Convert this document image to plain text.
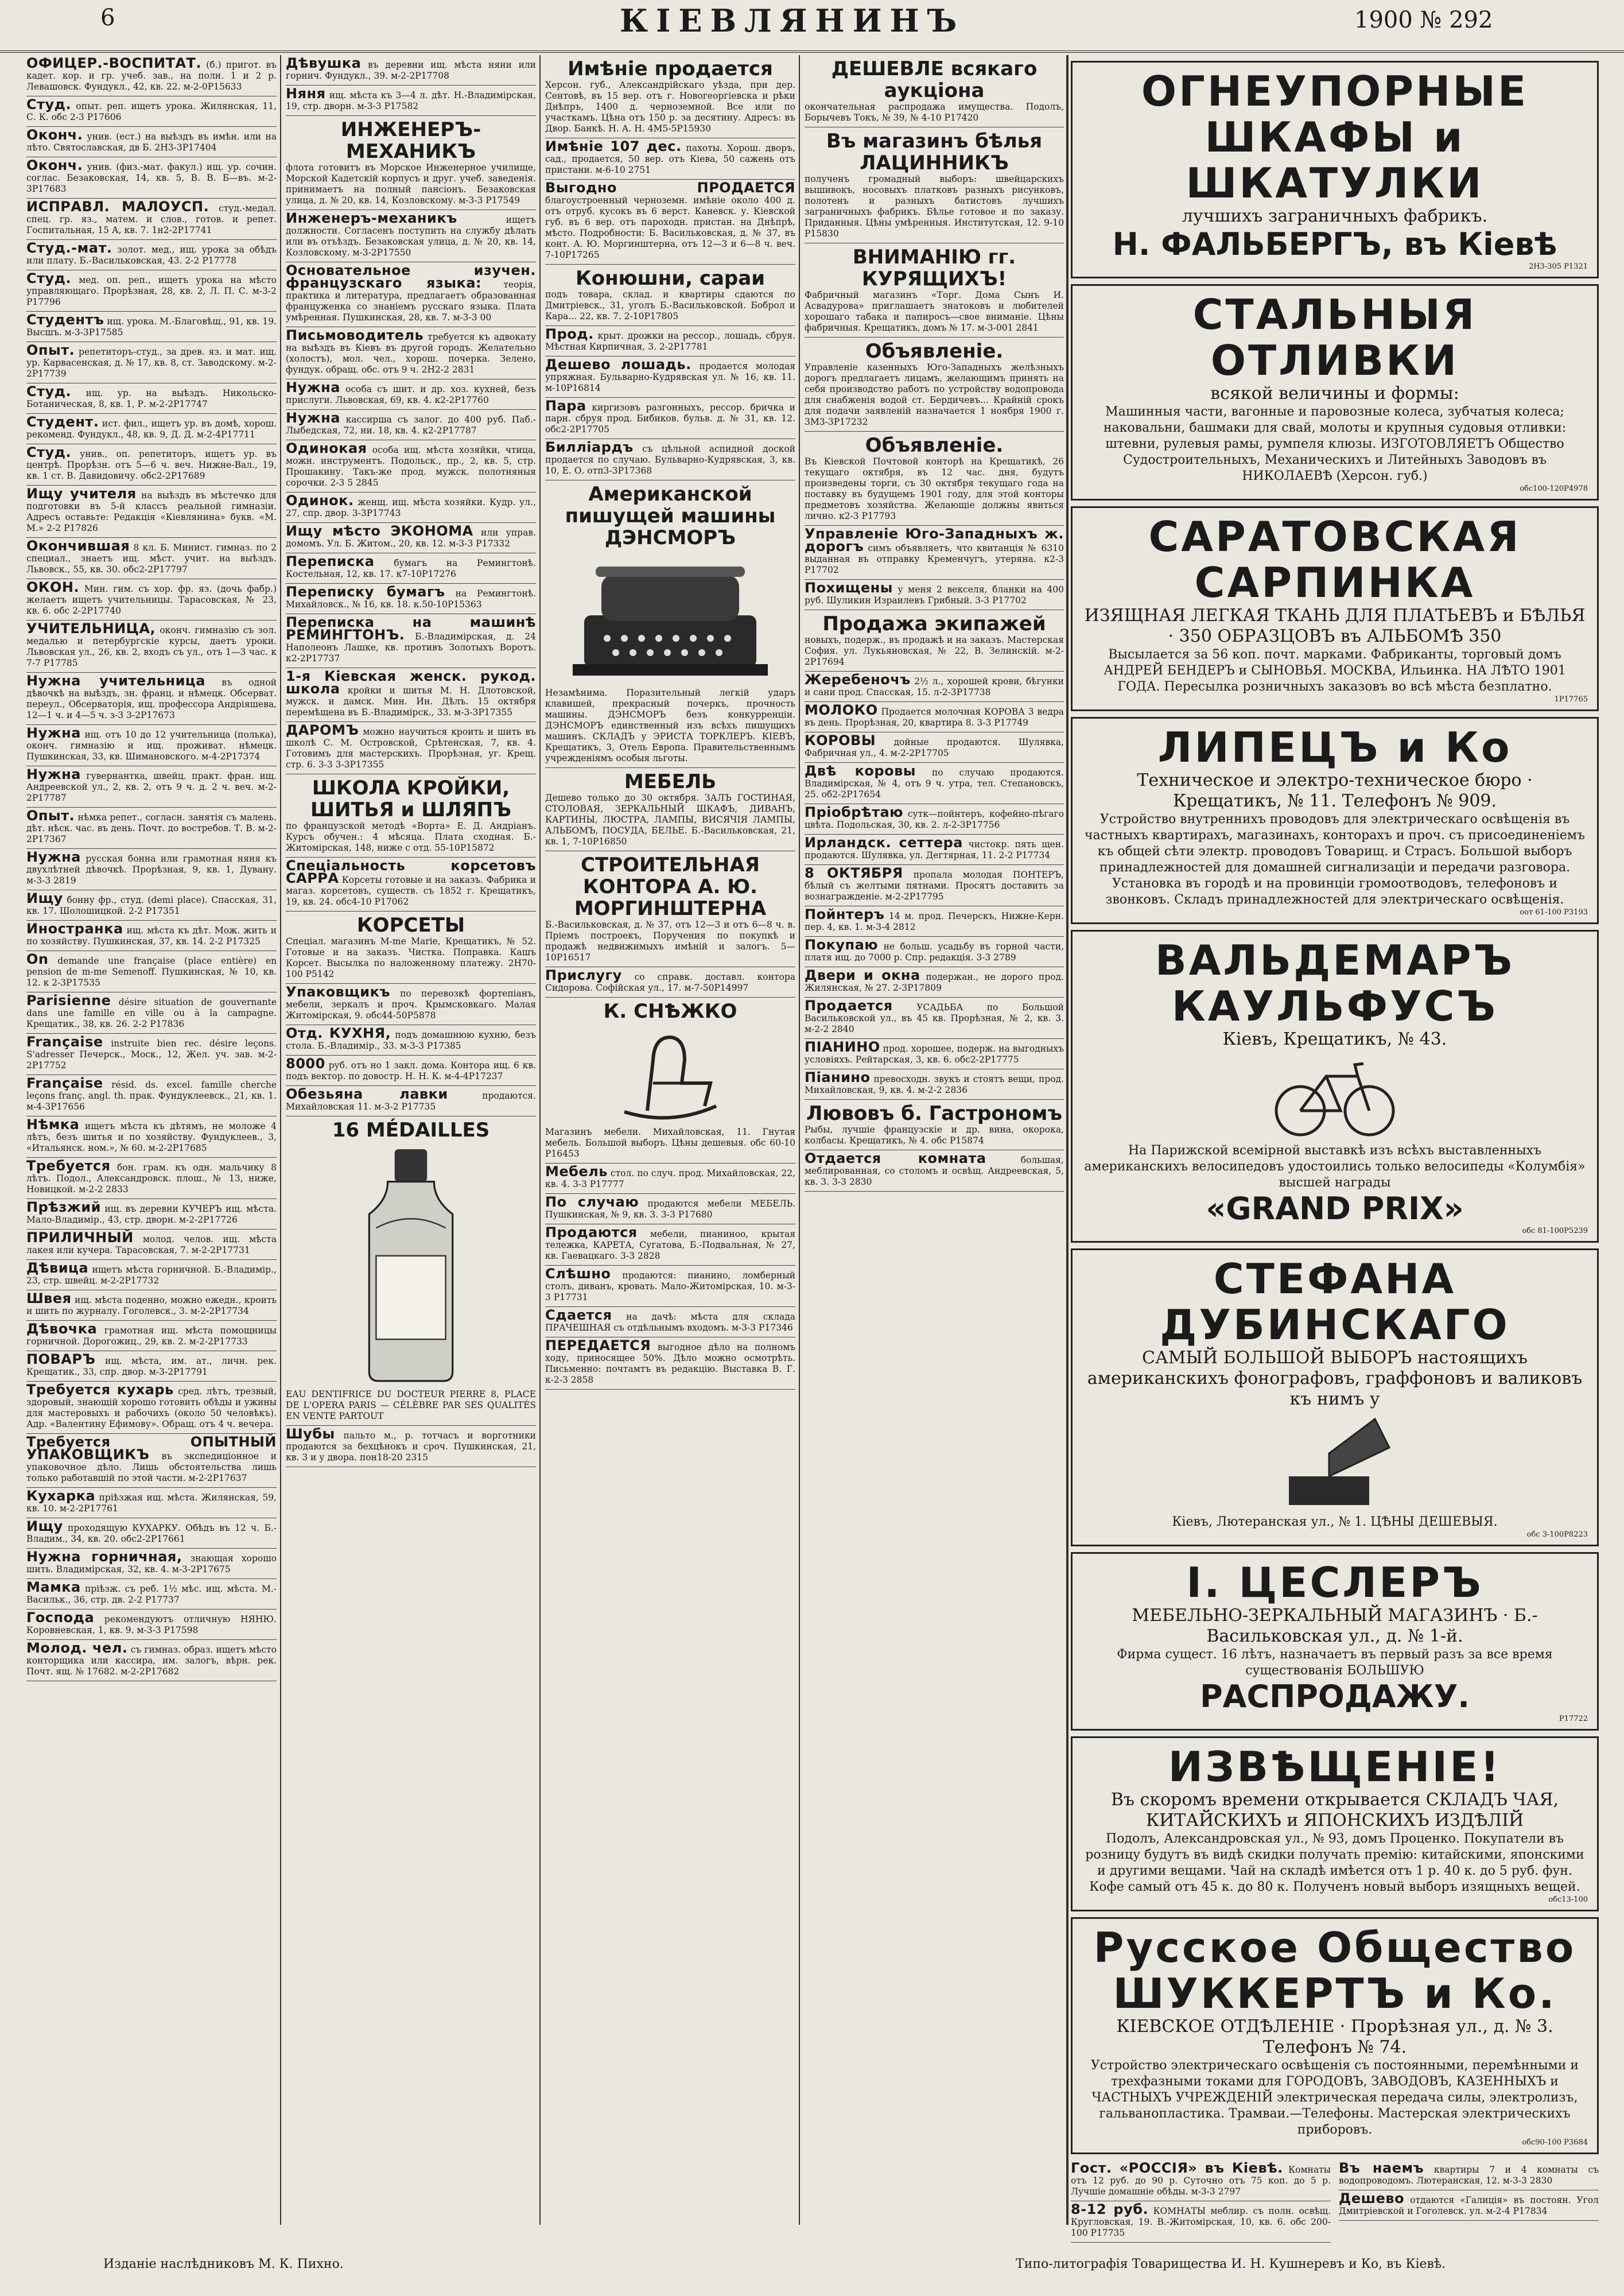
6	КІЕВЛЯНИНЪ	1900 № 292
ОФИЦЕР.-ВОСПИТАТ. (б.) пригот. въ кадет. кор. и гр. учеб. зав., на полн. 1 и 2 р. Левашовск. Фундукл., 42, кв. 22. м-2-0Р15633
Студ. опыт. реп. ищетъ урока. Жилянская, 11, С. К. обс 2-3 Р17606
Оконч. унив. (ест.) на выѣздъ въ имѣн. или на лѣто. Святославская, дв Б. 2Н3-3Р17404
Оконч. унив. (физ.-мат. факул.) ищ. ур. сочин. соглас. Безаковская, 14, кв. 5, В. В. Б—въ. м-2-3Р17683
ИСПРАВЛ. МАЛОУСП. студ.-медал. спец. гр. яз., матем. и слов., готов. и репет. Госпитальная, 15 А, кв. 7. 1н2-2Р17741
Студ.-мат. золот. мед., ищ. урока за обѣдъ или плату. Б.-Васильковская, 43. 2-2 Р17778
Студ. мед. оп. реп., ищетъ урока на мѣсто управляющаго. Прорѣзная, 28, кв. 2, Л. П. С. м-3-2 Р17796
Студентъ ищ. урока. М.-Благовѣщ., 91, кв. 19. Высшъ. м-3-3Р17585
Опыт. репетиторъ-студ., за древ. яз. и мат. ищ. ур. Карвасенская, д. № 17, кв. 8, ст. Заводскому. м-2-2Р17739
Студ. ищ. ур. на выѣздъ. Никольско-Ботаническая, 8, кв. 1, Р. м-2-2Р17747
Студент. ист. фил., ищетъ ур. въ домѣ, хорош. рекоменд. Фундукл., 48, кв. 9, Д. Д. м-2-4Р17711
Студ. унив., оп. репетиторъ, ищетъ ур. въ центрѣ. Прорѣзн. отъ 5—6 ч. веч. Нижне-Вал., 19, кв. 1 ст. В. Давидовичу. обс2-2Р17689
Ищу учителя на выѣздъ въ мѣстечко для подготовки въ 5-й классъ реальной гимназіи. Адресъ оставьте: Редакція «Кіевлянина» букв. «М. М.» 2-2 Р17826
Окончившая 8 кл. Б. Минист. гимназ. по 2 специал., знаетъ ищ. мѣст. учит. на выѣздъ. Львовск., 55, кв. 30. обс2-2Р17797
ОКОН. Мин. гим. съ хор. фр. яз. (дочь фабр.) желаетъ ищетъ учительницы. Тарасовская, № 23, кв. 6. обс 2-2Р17740
УЧИТЕЛЬНИЦА, оконч. гимназію съ зол. медалью и петербургскіе курсы, даетъ уроки. Львовская ул., 26, кв. 2, входъ съ ул., отъ 1—3 час. к 7-7 Р17785
Нужна учительница въ одной дѣвочкѣ на выѣздъ, зн. франц. и нѣмецк. Обсерват. переул., Обсерваторія, ищ. профессора Андріяшева, 12—1 ч. и 4—5 ч. з-3 3-2Р17673
Нужна ищ. отъ 10 до 12 учительница (полька), оконч. гимназію и ищ. проживат. нѣмецк. Пушкинская, 33, кв. Шимановского. м-4-2Р17374
Нужна гувернантка, швейц. практ. фран. ищ. Андреевской ул., 2, кв. 2, отъ 9 ч. д. 2 ч. веч. м-2-2Р17787
Опыт. нѣмка репет., согласн. занятія съ малень. дѣт. нѣск. час. въ день. Почт. до востребов. Т. В. м-2-2Р17367
Нужна русская бонна или грамотная няня къ двухлѣтней дѣвочкѣ. Прорѣзная, 9, кв. 1, Дувану. м-3-3 2819
Ищу бонну фр., студ. (demi place). Спасская, 31, кв. 17. Шолошицкой. 2-2 Р17351
Иностранка ищ. мѣста къ дѣт. Мож. жить и по хозяйству. Пушкинская, 37, кв. 14. 2-2 Р17325
On demande une française (place entière) en pension de m-me Semenoff. Пушкинская, № 10, кв. 12. к 2-3Р17535
Parisienne désire situation de gouvernante dans une famille en ville ou à la campagne. Крещатик., 38, кв. 26. 2-2 Р17836
Française instruite bien rec. désire leçons. S'adresser Печерск., Моск., 12, Жел. уч. зав. м-2-2Р17752
Française résid. ds. excel. famille cherche leçons franç. angl. th. прак. Фундуклеевск., 21, кв. 1. м-4-3Р17656
Нѣмка ищетъ мѣста къ дѣтямъ, не моложе 4 лѣтъ, безъ шитья и по хозяйству. Фундуклеев., 3, «Итальянск. ном.», № 60. м-2-2Р17685
Требуется бон. грам. къ одн. мальчику 8 лѣтъ. Подол., Александровск. плош., № 13, ниже, Новицкой. м-2-2 2833
Прѣзжий ищ. въ деревни КУЧЕРЪ ищ. мѣста. Мало-Владимір., 43, стр. дворн. м-2-2Р17726
ПРИЛИЧНЫЙ молод. челов. ищ. мѣста лакея или кучера. Тарасовская, 7. м-2-2Р17731
Дѣвица ищетъ мѣста горничной. Б.-Владимір., 23, стр. швейц. м-2-2Р17732
Швея ищ. мѣста поденно, можно ежедн., кроить и шить по журналу. Гоголевск., 3. м-2-2Р17734
Дѣвочка грамотная ищ. мѣста помощницы горничной. Дорогожиц., 29, кв. 2. м-2-2Р17733
ПОВАРЪ ищ. мѣста, им. ат., личн. рек. Крещатик., 33, спр. двор. м-3-2Р17791
Требуется кухарь сред. лѣтъ, трезвый, здоровый, знающій хорошо готовить обѣды и ужины для мастеровыхъ и рабочихъ (около 50 человѣкъ). Адр. «Валентину Ефимову». Обращ. отъ 4 ч. вечера.
Требуется ОПЫТНЫЙ УПАКОВЩИКЪ въ экспедиціонное и упаковочное дѣло. Лишь обстоятельства лишь только работавшій по этой части. м-2-2Р17637
Кухарка пріѣзжая ищ. мѣста. Жилянская, 59, кв. 10. м-2-2Р17761
Ищу проходящую КУХАРКУ. Обѣдъ въ 12 ч. Б.-Владим., 34, кв. 20. обс2-2Р17661
Нужна горничная, знающая хорошо шить. Владимірская, 32, кв. 4. м-3-2Р17675
Мамка пріѣзж. съ реб. 1½ мѣс. ищ. мѣста. М.-Васильк., 36, стр. дв. 2-2 Р17737
Господа рекомендуютъ отличную НЯНЮ. Коровневская, 1, кв. 9. м-3-3 Р17598
Молод. чел. съ гимназ. образ. ищетъ мѣсто конторщика или кассира, им. залогъ, вѣрн. рек. Почт. ящ. № 17682. м-2-2Р17682
Дѣвушка въ деревни ищ. мѣста няни или горнич. Фундукл., 39. м-2-2Р17708
Няня ищ. мѣста къ 3—4 л. дѣт. Н.-Владимірская, 19, стр. дворн. м-3-3 Р17582
ИНЖЕНЕРЪ-МЕХАНИКЪ
флота готовитъ въ Морское Инженерное училище, Морской Кадетскій корпусъ и друг. учеб. заведенія. принимаетъ на полный пансіонъ. Безаковская улица, д. № 20, кв. 14, Козловскому. м-3-3 Р17549
Инженеръ-механикъ	ищетъ должности. Согласенъ поступить на службу дѣлать или въ отъѣздъ. Безаковская улица, д. № 20, кв. 14, Козловскому. м-3-2Р17550
Основательное изучен. французскаго языка: теорія, практика и литература, предлагаетъ образованная француженка со знаніемъ русскаго языка. Плата умѣренная. Пушкинская, 28, кв. 7. м-3-3 00
Письмоводитель требуется къ адвокату на выѣздъ въ Кіевъ въ другой городъ. Желательно (холостъ), мол. чел., хорош. почерка. Зелено, фундук. обращ. обс. отъ 9 ч. 2Н2-2 2831
Нужна особа съ шит. и др. хоз. кухней, безъ прислуги. Львовская, 69, кв. 4. к2-2Р17760
Нужна кассирша съ залог. до 400 руб. Паб.-Лыбедская, 72, ни. 18, кв. 4. к2-2Р17787
Одинокая особа ищ. мѣста хозяйки, чтица, можн. инструментъ. Подольск., пр., 2, кв. 5, стр. Прошакину. Такъ-же прод. мужск. полотняныя сорочки. 2-3 5 2845
Одинок. женщ. ищ. мѣста хозяйки. Кудр. ул., 27, спр. двор. 3-3Р17743
Ищу мѣсто ЭКОНОМА или управ. домомъ. Ул. Б. Житом., 20, кв. 12. м-3-3 Р17332
Переписка бумагъ на Ремингтонѣ. Костельная, 12, кв. 17. к7-10Р17276
Переписку бумагъ на Ремингтонѣ. Михайловск., № 16, кв. 18. к.50-10Р15363
Переписка на машинѣ РЕМИНГТОНЪ. Б.-Владимірская, д. 24 Наполеонъ Лашке, кв. противъ Золотыхъ Воротъ. к2-2Р17737
1-я Кіевская женск. рукод. школа кройки и шитья М. Н. Длотовской, мужск. и дамск. Мин. Ин. Дѣлъ. 15 октября перемѣщена въ Б.-Владимірск., 33. м-3-3Р17355
ДАРОМЪ можно научиться кроить и шить въ школѣ С. М. Островской, Срѣтенская, 7, кв. 4. Готовимъ для мастерскихъ. Прорѣзная, уг. Крещ. стр. 6. 3-3 3-3Р17355
ШКОЛА КРОЙКИ, ШИТЬЯ и ШЛЯПЪ
по французской методѣ «Ворта» Е. Д. Андріанъ. Курсъ обучен.: 4 мѣсяца. Плата сходная. Б.-Житомірская, 148, ниже с отд. 55-10Р15872
Спеціальность корсетовъ САРРА Корсеты готовые и на заказъ. Фабрика и магаз. корсетовъ, существ. съ 1852 г. Крещатикъ, 19, кв. 24. обс4-10 Р17062
КОРСЕТЫ
Спеціал. магазинъ M-me Marie, Крещатикъ, № 52. Готовые и на заказъ. Чистка. Поправка. Кашъ Корсет. Высылка по наложенному платежу. 2Н70-100 Р5142
Упаковщикъ по перевозкѣ фортепіанъ, мебели, зеркалъ и проч. Крымсковкаго. Малая Житомірская, 9. обс44-50Р5878
Отд. КУХНЯ, подъ домашнюю кухню, безъ стола. Б.-Владимір., 33. м-3-3 Р17385
8000 руб. отъ но 1 закл. дома. Контора ищ. 6 кв. подъ вектор. по довостр. Н. Н. К. м-4-4Р17237
Обезьяна лавки	продаются. Михайловская 11. м-3-2 Р17735
16 MÉDAILLES
EAU DENTIFRICE DU DOCTEUR PIERRE 8, PLACE DE L'OPERA PARIS — CÉLÈBRE PAR SES QUALITÉS EN VENTE PARTOUT
Шубы пальто м., р. тотчасъ и ворготники продаются за бехцѣнокъ и сроч. Пушкинская, 21, кв. 3 и у двора. пон18-20 2315
Имѣніе продается
Херсон. губ., Александрійскаго уѣзда, при дер. Сентовѣ, въ 15 вер. отъ г. Новогеоргіевска и рѣки Днѣпръ, 1400 д. черноземной. Все или по участкамъ. Цѣна отъ 150 р. за десятину. Адресъ: въ Двор. Банкѣ. Н. А. Н. 4М5-5Р15930
Имѣніе 107 дес. пахоты. Хорош. дворъ, сад., продается, 50 вер. отъ Кіева, 50 сажень отъ пристани. м-6-10 2751
Выгодно ПРОДАЕТСЯ благоустроенный черноземн. имѣніе около 400 д. отъ отруб. кусокъ въ 6 верст. Каневск. у. Кіевской губ. въ 6 вер. отъ пароходн. пристан. на Днѣпрѣ, мѣсто. Подробности: Б. Васильковская, д. № 37, въ конт. А. Ю. Моргинштерна, отъ 12—3 и 6—8 ч. веч. 7-10Р17265
Конюшни, сараи
подъ товара, склад. и квартиры сдаются по Дмитріевск., 31, уголъ Б.-Васильковской. Боброл и Кара... 22, кв. 7. 2-10Р17805
Прод. крыт. дрожки на рессор., лошадь, сбруя. Мѣстная Кирпичная, 3. 2-2Р17781
Дешево лошадь. продается молодая упряжная. Бульварно-Кудрявская ул. № 16, кв. 11. м-10Р16814
Пара киргизовъ разгонныхъ, рессор. бричка и парн. сбруя прод. Бибиков. бульв. д. № 31, кв. 12. обс2-2Р17705
Билліардъ съ цѣльной аспидной доской продается по случаю. Бульварно-Кудрявская, 3, кв. 10, Е. О. отп3-3Р17368
Американской пишущей машины ДЭНСМОРЪ
Незамѣнима. Поразительный легкій ударъ клавишей, прекрасный почеркъ, прочность машины. ДЭНСМОРЪ безъ конкурренціи. ДЭНСМОРЪ единственный изъ всѣхъ пишущихъ машинъ. СКЛАДЪ у ЭРИСТА ТОРКЛЕРЪ. КІЕВЪ, Крещатикъ, 3, Отель Европа. Правительственнымъ учрежденіямъ особыя льготы.
МЕБЕЛЬ
Дешево только до 30 октября. ЗАЛЪ ГОСТИНАЯ, СТОЛОВАЯ, ЗЕРКАЛЬНЫЙ ШКАФЪ, ДИВАНЪ, КАРТИНЫ, ЛЮСТРА, ЛАМПЫ, ВИСЯЧІЯ ЛАМПЫ, АЛЬБОМЪ, ПОСУДА, БЕЛЬЕ. Б.-Васильковская, 21, кв. 1, 7-10Р16850
СТРОИТЕЛЬНАЯ КОНТОРА А. Ю. МОРГИНШТЕРНА
Б.-Васильковская, д. № 37, отъ 12—3 и отъ 6—8 ч. в. Пріемъ построекъ, Поручения по покупкѣ и продажѣ недвижимыхъ имѣній и залогъ. 5—10Р16517
Прислугу со справк. доставл. контора Сидорова. Софійская ул., 17. м-7-50Р14997
К. СНѢЖКО
Магазинъ мебели. Михайловская, 11. Гнутая мебель. Большой выборъ. Цѣны дешевыя. обс 60-10 Р16453
Мебель стол. по случ. прод. Михайловская, 22, кв. 4. 3-3 Р17777
По случаю продаются мебели МЕБЕЛЬ. Пушкинская, № 9, кв. 3. 3-3 Р17680
Продаются мебели, пианиноо, крытая тележка, КАРЕТА, Сугатова, Б.-Подвальная, № 27, кв. Гаевацкаго. 3-3 2828
Слѣшно продаются: пианино, ломберный столъ, диванъ, кровать. Мало-Житомірская, 10. м-3-3 Р17731
Сдается на дачѣ: мѣста для склада ПРАЧЕШНАЯ съ отдѣльнымъ входомъ. м-3-3 Р17346
ПЕРЕДАЕТСЯ выгодное дѣло на полномъ ходу, приносящее 50%. Дѣло можно осмотрѣть. Письменно: почтамтъ въ редакцію. Выставка В. Г. к-2-3 2858
ДЕШЕВЛЕ всякаго аукціона
окончательная распродажа имущества. Подолъ, Борычевъ Токъ, № 39, № 4-10 Р17420
Въ магазинъ бѣлья ЛАЦИННИКЪ
полученъ громадный выборъ: швейцарскихъ вышивокъ, носовыхъ платковъ разныхъ рисунковъ, полотенъ и разныхъ батистовъ лучшихъ заграничныхъ фабрикъ. Бѣлье готовое и по заказу. Приданныя. Цѣны умѣренныя. Институтская, 12. 9-10 Р15830
ВНИМАНІЮ гг. КУРЯЩИХЪ!
Фабричный магазинъ «Торг. Дома Сынъ И. Асвадурова» приглашаетъ знатоковъ и любителей хорошаго табака и папиросъ—свое вниманіе. Цѣны фабричныя. Крещатикъ, домъ № 17. м-3-001 2841
Объявленіе.
Управленіе казенныхъ Юго-Западныхъ желѣзныхъ дорогъ предлагаетъ лицамъ, желающимъ принять на себя производство работъ по устройству водопровода для снабженія водой ст. Бердичевъ... Крайній срокъ для подачи заявленій назначается 1 ноября 1900 г. 3М3-3Р17232
Объявленіе.
Въ Кіевской Почтовой конторѣ на Крещатикѣ, 26 текущаго октября, въ 12 час. дня, будутъ произведены торги, съ 30 октября текущаго года на поставку въ будущемъ 1901 году, для этой конторы предметовъ хозяйства. Желающіе должны явиться лично. к2-3 Р17793
Управленіе Юго-Западныхъ ж. дорогъ симъ объявляетъ, что квитанція № 6310 выданная въ отправку Кременчугъ, утеряна. к2-3 Р17702
Похищены у меня 2 векселя, бланки на 400 руб. Шуликин Израилевъ Грибный. 3-3 Р17702
Продажа экипажей
новыхъ, подерж., въ продажѣ и на заказъ. Мастерская София. ул. Лукьяновская, № 22, В. Зелинскій. м-2-2Р17694
Жеребеночъ 2½ л., хорошей крови, бѣгунки и сани прод. Спасская, 15. л-2-3Р17738
МОЛОКО Продается молочная КОРОВА 3 ведра въ день. Прорѣзная, 20, квартира 8. 3-3 Р17749
КОРОВЫ дойные продаются. Шулявка, Фабричная ул., 4. м-2-2Р17705
Двѣ коровы по случаю продаются. Владимірская, № 4, отъ 9 ч. утра, тел. Степановскъ, 25. об2-2Р17654
Пріобрѣтаю сутк—пойнтеръ, кофейно-пѣгаго цвѣта. Подольская, 30, кв. 2. л-2-3Р17756
Ирландск. сеттера чистокр. пять щен. продаются. Шулявка, ул. Дегтярная, 11. 2-2 Р17734
8 ОКТЯБРЯ пропала молодая ПОНТЕРЪ, бѣлый съ желтыми пятнами. Просятъ доставить за вознагражденіе. м-2-2Р17795
Пойнтеръ 14 м. прод. Печерскъ, Нижне-Керн. пер. 4, кв. 1. м-3-4 2812
Покупаю не больш. усадьбу въ горной части, платя ищ. до 7000 р. Спр. редакція. 3-3 2789
Двери и окна подержан., не дорого прод. Жилянская, № 27. 2-3Р17809
Продается	УСАДЬБА по Большой Васильковской ул., въ 45 кв. Прорѣзная, № 2, кв. 3. м-2-2 2840
ПІАНИНО прод. хорошее, подерж. на выгодныхъ условіяхъ. Рейтарская, 3, кв. 6. обс2-2Р17775
Піанино превосходн. звукъ и стоятъ вещи, прод. Михайловская, 9, кв. 4. м-2-2 2836
Лювовъ б. Гастрономъ
Рыбы, лучшіе французскіе и др. вина, окорока, колбасы. Крещатикъ, № 4. обс Р15874
Отдается комната	большая, меблированная, со столомъ и освѣщ. Андреевская, 5, кв. 3. 3-3 2830
ОГНЕУПОРНЫЕ ШКАФЫ и ШКАТУЛКИ
лучшихъ заграничныхъ фабрикъ.
Н. ФАЛЬБЕРГЪ, въ Кіевѣ
2Н3-305 Р1321
СТАЛЬНЫЯ ОТЛИВКИ
всякой величины и формы:
Машинныя части, вагонные и паровозные колеса, зубчатыя колеса; наковальни, башмаки для свай, молоты и крупныя судовыя отливки: штевни, рулевыя рамы, румпеля клюзы. ИЗГОТОВЛЯЕТЪ Общество Судостроительныхъ, Механическихъ и Литейныхъ Заводовъ въ НИКОЛАЕВѢ (Херсон. губ.)
обс100-120Р4978
САРАТОВСКАЯ САРПИНКА
ИЗЯЩНАЯ ЛЕГКАЯ ТКАНЬ ДЛЯ ПЛАТЬЕВЪ и БѢЛЬЯ · 350 ОБРАЗЦОВЪ въ АЛЬБОМѢ 350
Высылается за 56 коп. почт. марками. Фабриканты, торговый домъ АНДРЕЙ БЕНДЕРЪ и СЫНОВЬЯ. МОСКВА, Ильинка. НА ЛѢТО 1901 ГОДА. Пересылка розничныхъ заказовъ во всѣ мѣста безплатно.
1Р17765
ЛИПЕЦЪ и Ко
Техническое и электро-техническое бюро · Крещатикъ, № 11. Телефонъ № 909.
Устройство внутреннихъ проводовъ для электрическаго освѣщенія въ частныхъ квартирахъ, магазинахъ, конторахъ и проч. съ присоединеніемъ къ общей сѣти электр. проводовъ Товарищ. и Страсъ. Большой выборъ принадлежностей для домашней сигнализаціи и передачи разговора. Установка въ городѣ и на провинціи громоотводовъ, телефоновъ и звонковъ. Складъ принадлежностей для электрическаго освѣщенія.
оот 61-100 Р3193
ВАЛЬДЕМАРЪ КАУЛЬФУСЪ
Кіевъ, Крещатикъ, № 43.
На Парижской всемірной выставкѣ изъ всѣхъ выставленныхъ американскихъ велосипедовъ удостоились только велосипеды «Колумбія» высшей награды
«GRAND PRIX»
обс 81-100Р5239
СТЕФАНА ДУБИНСКАГО
САМЫЙ БОЛЬШОЙ ВЫБОРЪ настоящихъ американскихъ фонографовъ, граффоновъ и валиковъ къ нимъ у
Кіевъ, Лютеранская ул., № 1. ЦѢНЫ ДЕШЕВЫЯ.
обс 3-100Р8223
І. ЦЕСЛЕРЪ
МЕБЕЛЬНО-ЗЕРКАЛЬНЫЙ МАГАЗИНЪ · Б.-Васильковская ул., д. № 1-й.
Фирма сущест. 16 лѣтъ, назначаетъ въ первый разъ за все время существованія БОЛЬШУЮ
РАСПРОДАЖУ.
Р17722
ИЗВѢЩЕНІЕ!
Въ скоромъ времени открывается СКЛАДЪ ЧАЯ, КИТАЙСКИХЪ и ЯПОНСКИХЪ ИЗДѢЛІЙ
Подолъ, Александровская ул., № 93, домъ Проценко. Покупатели въ розницу будутъ въ видѣ скидки получать премію: китайскими, японскими и другими вещами. Чай на складѣ имѣется отъ 1 р. 40 к. до 5 руб. фун. Кофе самый отъ 45 к. до 80 к. Полученъ новый выборъ изящныхъ вещей.
обс13-100
Русское Общество ШУККЕРТЪ и Ко.
КІЕВСКОЕ ОТДѢЛЕНІЕ · Прорѣзная ул., д. № 3. Телефонъ № 74.
Устройство электрическаго освѣщенія съ постоянными, перемѣнными и трехфазными токами для ГОРОДОВЪ, ЗАВОДОВЪ, КАЗЕННЫХЪ и ЧАСТНЫХЪ УЧРЕЖДЕНІЙ электрическая передача силы, электролизъ, гальванопластика. Трамваи.—Телефоны. Мастерская электрическихъ приборовъ.
обс90-100 Р3684
Гост. «РОССІЯ» въ Кіевѣ. Комнаты отъ 12 руб. до 90 р. Суточно отъ 75 коп. до 5 р. Лучшіе домашніе обѣды. м-3-3 2797
8-12 руб. КОМНАТЫ меблир. съ полн. освѣщ. Кругловская, 19. В.-Житомірская, 10, кв. 6. обс 200-100 Р17735
Въ наемъ квартиры 7 и 4 комнаты съ водопроводомъ. Лютеранская, 12. м-3-3 2830
Дешево отдаются «Галиція» въ постоян. Угол Дмитріевской и Гоголевск. ул. м-2-4 Р17834
Изданіе наслѣдниковъ М. К. Пихно.	Типо-литографія Товарищества И. Н. Кушнеревъ и Ко, въ Кіевѣ.
